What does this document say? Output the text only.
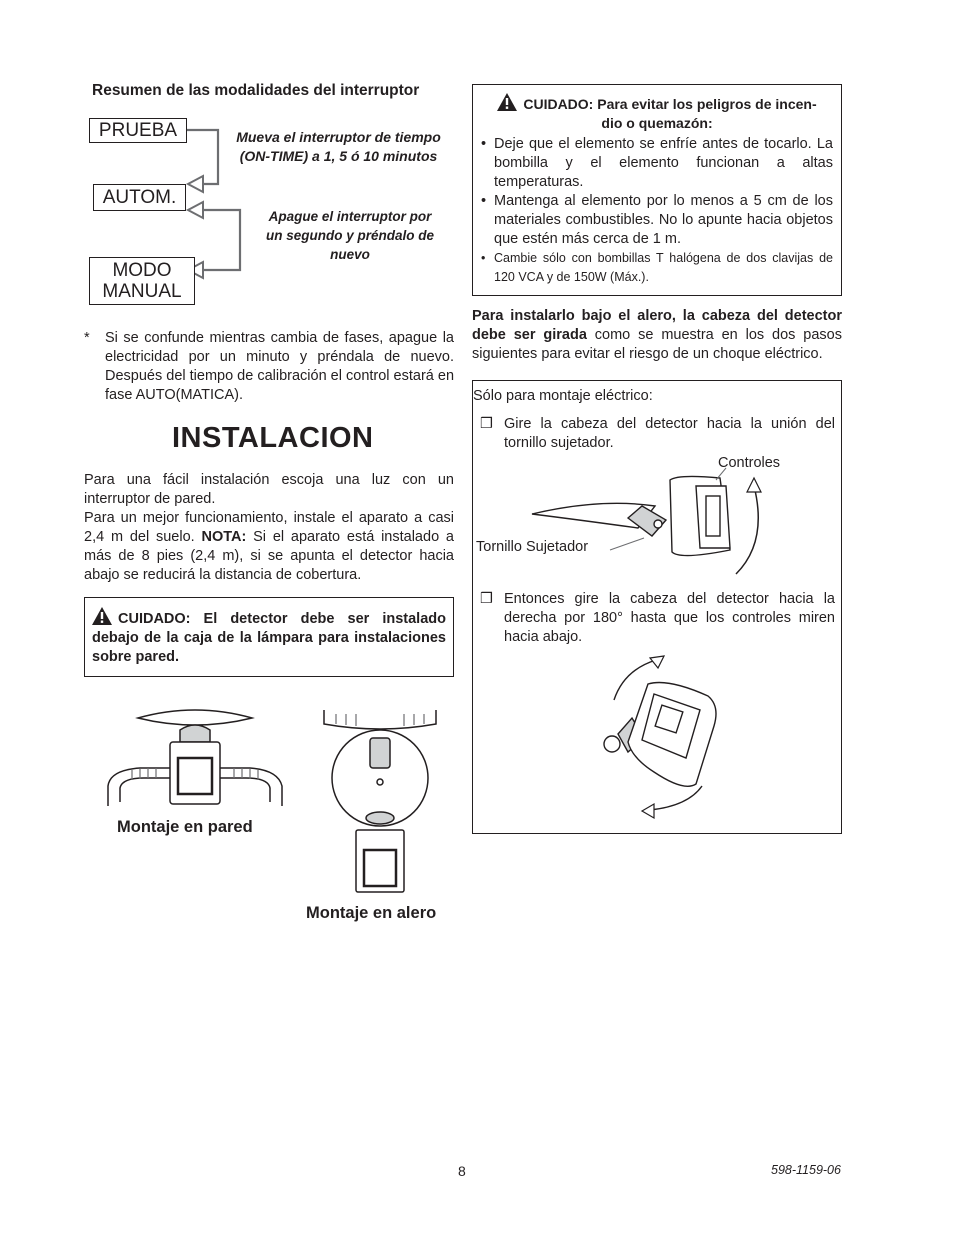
Resumen de las modalidades del interruptor
PRUEBA
AUTOM.
MODO
MANUAL
Mueva el interruptor de tiempo
(ON-TIME) a 1, 5 ó 10 minutos
Apague el interruptor por
un segundo y préndalo de
nuevo
* Si se confunde mientras cambia de fases, apague la electricidad por un minuto y préndala de nuevo. Después del tiempo de calibración el control estará en fase AUTO(MATICA).

INSTALACION

Para una fácil instalación escoja una luz con un interruptor de pared.

Para un mejor funcionamiento, instale el aparato a casi 2,4 m del suelo. NOTA: Si el aparato está instalado a más de 8 pies (2,4 m), si se apunta el detector hacia abajo se reducirá la distancia de cobertura.

CUIDADO: El detector debe ser instalado debajo de la caja de la lámpara para instalaciones sobre pared.

Montaje en pared
Montaje en alero
CUIDADO: Para evitar los peligros de incen-
dio o quemazón:
• Deje que el elemento se enfríe antes de tocarlo. La bombilla y el elemento funcionan a altas temperaturas.
• Mantenga al elemento por lo menos a 5 cm de los materiales combustibles. No lo apunte hacia objetos que estén más cerca de 1 m.
• Cambie sólo con bombillas T halógena de dos clavijas de 120 VCA y de 150W (Máx.).

Para instalarlo bajo el alero, la cabeza del detector debe ser girada como se muestra en los dos pasos siguientes para evitar el riesgo de un choque eléctrico.

Sólo para montaje eléctrico:
❒ Gire la cabeza del detector hacia la unión del tornillo sujetador.

Controles
Tornillo Sujetador
❒ Entonces gire la cabeza del detector hacia la derecha por 180° hasta que los controles miren hacia abajo.

8	598-1159-06
